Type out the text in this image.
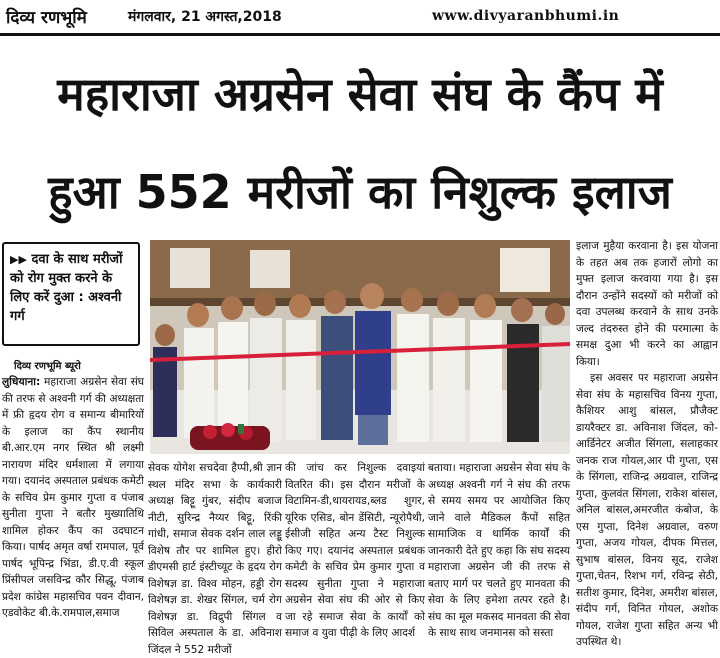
दिव्य रणभूमि	मंगलवार, 21 अगस्त,2018	www.divyaranbhumi.in
महाराजा अग्रसेन सेवा संघ के कैंप में
हुआ 552 मरीजों का निशुल्क इलाज
▶▶ दवा के साथ मरीजों को रोग मुक्त करने के लिए करें दुआ : अश्वनी गर्ग
दिव्य रणभूमि ब्यूरो

लुधियाना: महाराजा अग्रसेन सेवा संघ की तरफ से अश्वनी गर्ग की अध्यक्षता में फ्री हृदय रोग व समान्य बीमारियों के इलाज का कैंप स्थानीय बी.आर.एम नगर स्थित श्री लक्ष्मी नारायण मंदिर धर्मशाला में लगाया गया। दयानंद अस्पताल प्रबंधक कमेटी के सचिव प्रेम कुमार गुप्ता व पंजाब सुनीता गुप्ता ने बतौर मुख्यातिथि शामिल होकर कैंप का उदघाटन किया। पार्षद अमृत वर्षा रामपाल, पूर्व पार्षद भूपिन्द्र भिंडा, डी.ए.वी स्कूल प्रिंसीपल जसविन्द्र कौर सिद्धू, पंजाब प्रदेश कांग्रेस महासचिव पवन दीवान, एडवोकेट बी.के.रामपाल,समाज

सेवक योगेश सचदेवा हैप्पी,श्री ज्ञान स्थल मंदिर सभा के कार्यकारी अध्यक्ष बिट्टू गुंबर, संदीप बजाज नीटी, सुरिन्द्र नैय्यर बिट्टू, रिंकी गांधी, समाज सेवक दर्शन लाल लड्डू विशेष तौर पर शामिल हुए। हीरो डीएमसी हार्ट इंस्टीच्यूट के हृदय रोग विशेषज्ञ डा. विश्व मोहन, हड्डी रोग विशेषज्ञ डा. शेखर सिंगल, चर्म रोग विशेषज्ञ डा. विद्रुपी सिंगल व सिविल अस्पताल के डा. अविनाश जिंदल ने 552 मरीजों

की जांच कर निशुल्क दवाइयां वितरित की। इस दौरान मरीजों के विटामिन-डी,थायरायड,ब्लड शुगर, यूरिक एसिड, बोन डेंसिटी, न्यूरोपैथी, ईसीजी सहित अन्य टैस्ट निशुल्क किए गए। दयानंद अस्पताल प्रबंधक कमेटी के सचिव प्रेम कुमार गुप्ता व सदस्य सुनीता गुप्ता ने महाराजा अग्रसेन सेवा संघ की ओर से किए जा रहे समाज सेवा के कार्यों को समाज व युवा पीढ़ी के लिए आदर्श

बताया। महाराजा अग्रसेन सेवा संघ के अध्यक्ष अश्वनी गर्ग ने संघ की तरफ से समय समय पर आयोजित किए जाने वाले मैडिकल कैंपों सहित सामाजिक व धार्मिक कार्यों की जानकारी देते हुए कहा कि संघ सदस्य महाराजा अग्रसेन जी की तरफ से बताए मार्ग पर चलते हुए मानवता की सेवा के लिए हमेशा तत्पर रहते है। संघ का मूल मकसद मानवता की सेवा के साथ साथ जनमानस को सस्ता

इलाज मुहैया करवाना है। इस योजना के तहत अब तक हजारों लोगो का मुफ्त इलाज करवाया गया है। इस दौरान उन्होंने सदस्यों को मरीजों को दवा उपलब्ध करवाने के साथ उनके जल्द तंदरुस्त होने की परमात्मा के समक्ष दुआ भी करने का आह्वान किया।

इस अवसर पर महाराजा अग्रसेन सेवा संघ के महासचिव विनय गुप्ता, कैशियर आशु बांसल, प्रौजैक्ट डायरैक्टर डा. अविनाश जिंदल, को-आर्डिनेटर अजीत सिंगला, सलाहकार जनक राज गोयल,आर पी गुप्ता, एस के सिंगला, राजिन्द्र अग्रवाल, राजिन्द्र गुप्ता, कुलवंत सिंगला, राकेश बांसल, अनिल बांसल,अमरजीत कंबोज, के एस गुप्ता, दिनेश अग्रवाल, वरुण गुप्ता, अजय गोयल, दीपक मित्तल, सुभाष बांसल, विनय सूद, राजेश गुप्ता,चेतन, रिशभ गर्ग, रविन्द्र सेठी, सतीश कुमार, दिनेश, अमरीश बांसल, संदीप गर्ग, विनित गोयल, अशोक गोयल, राजेश गुप्ता सहित अन्य भी उपस्थित थे।
